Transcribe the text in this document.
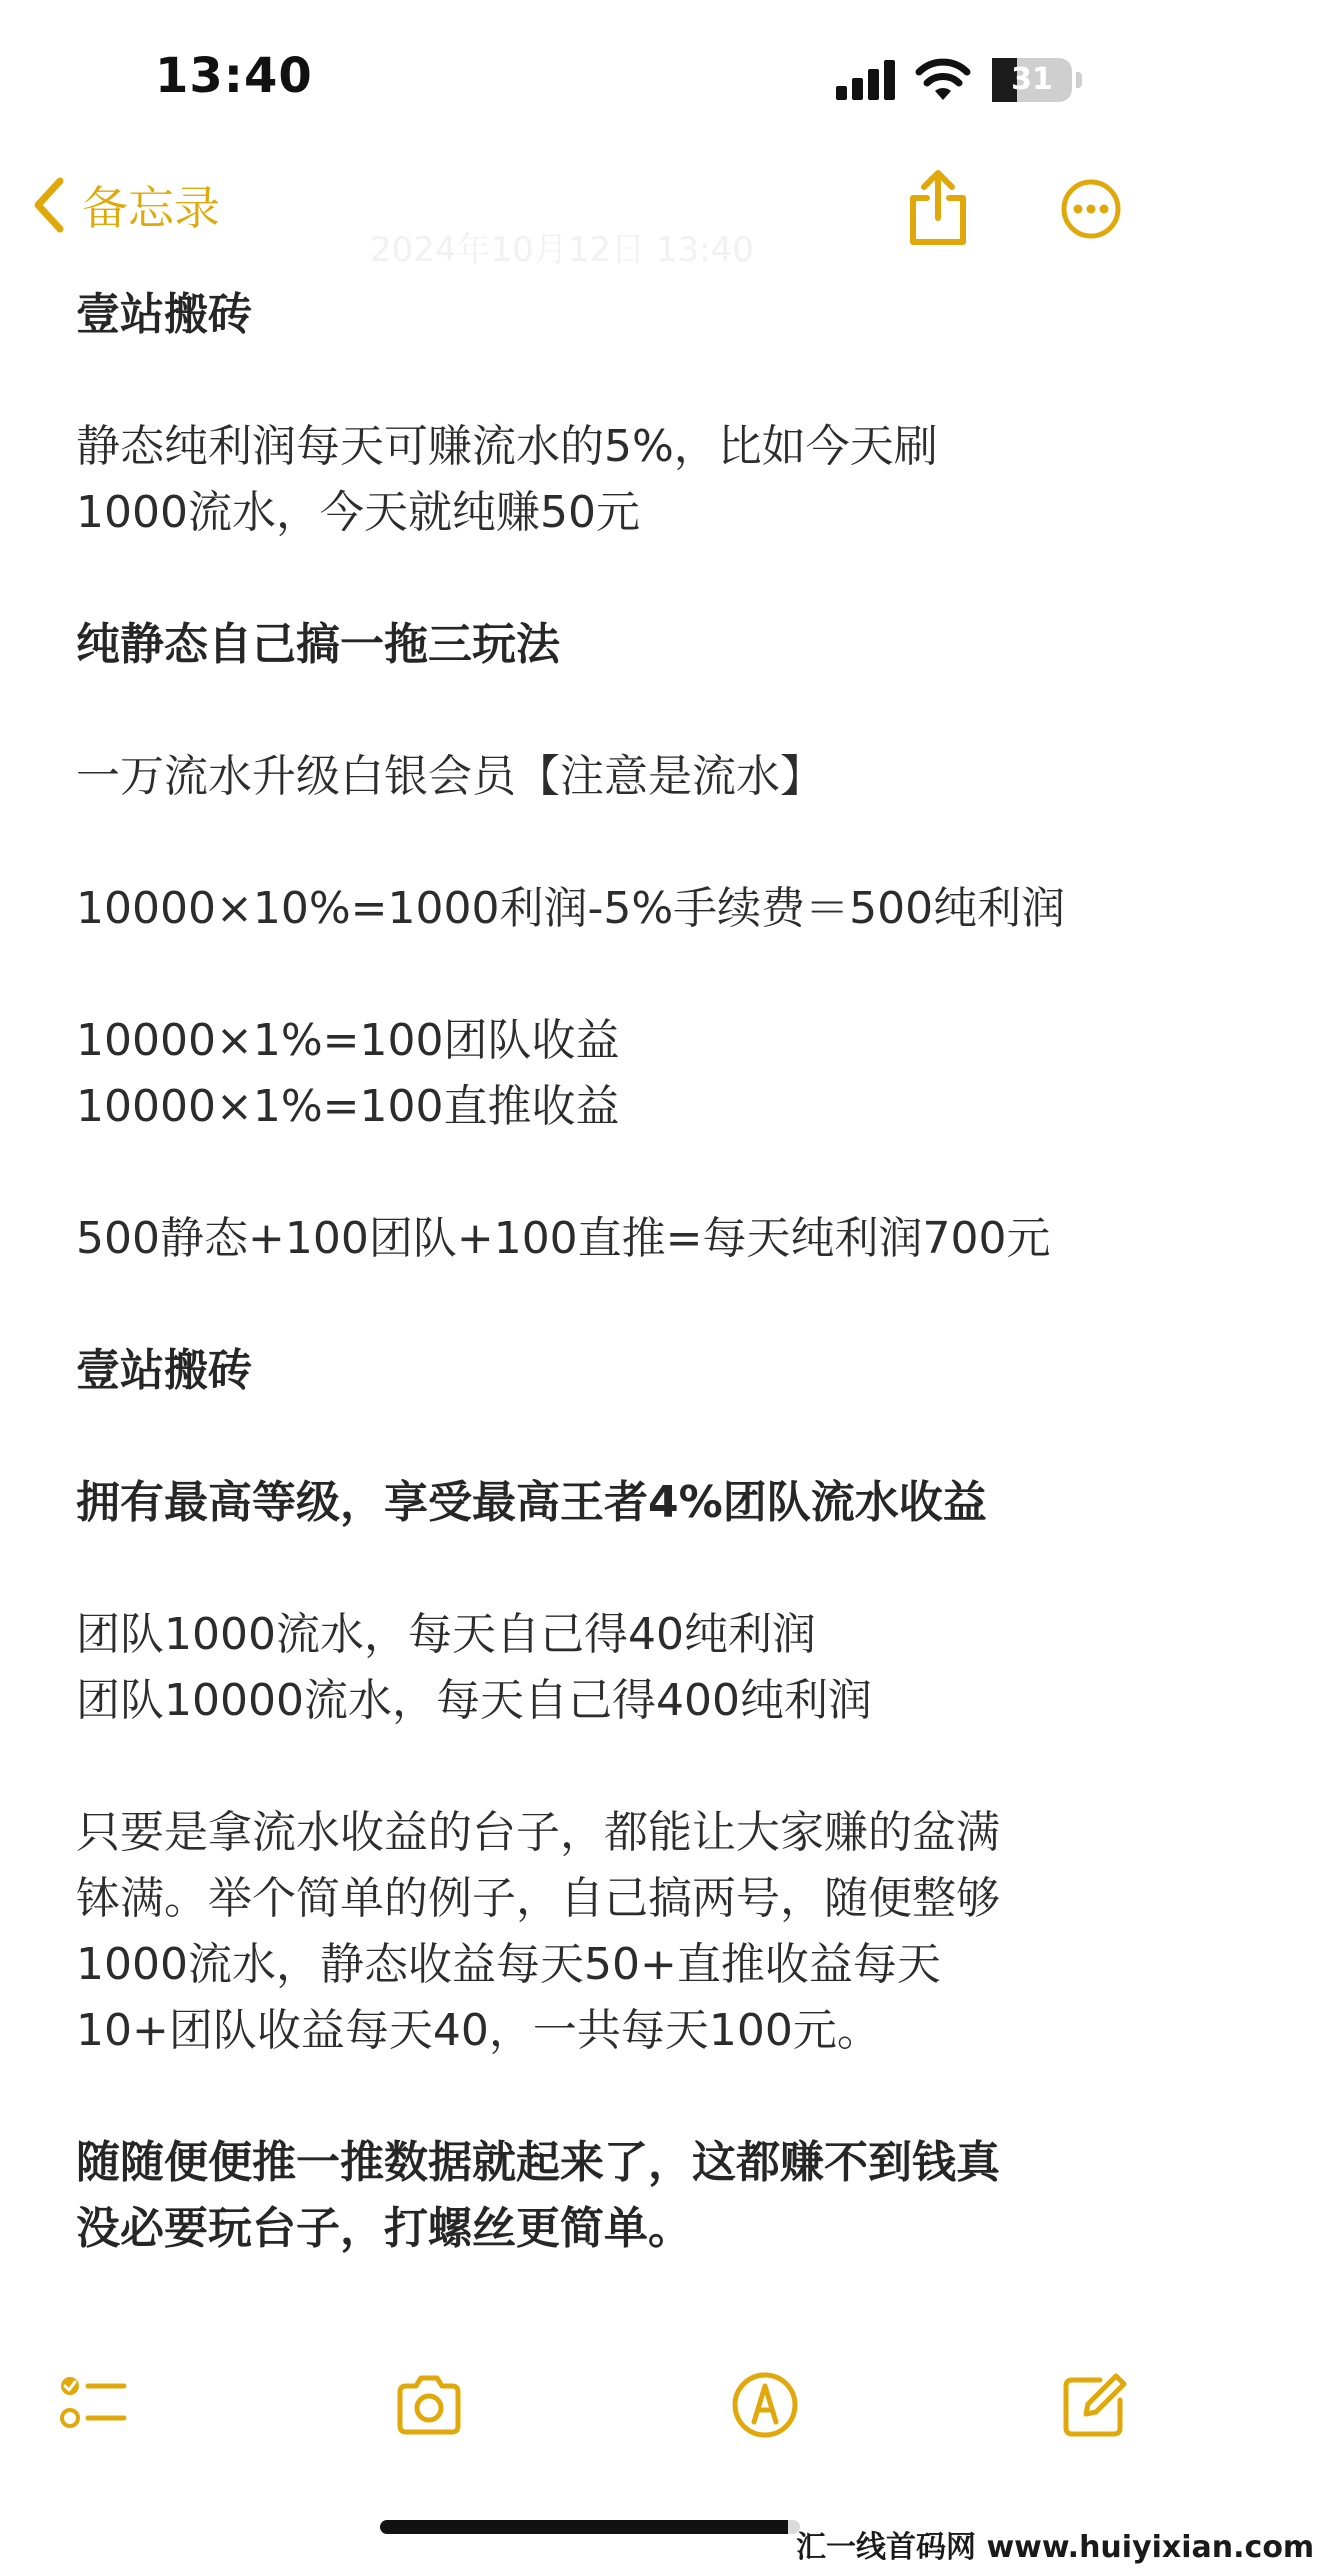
13:40	31
备忘录
2024年10月12日 13:40
壹站搬砖
静态纯利润每天可赚流水的5%，比如今天刷
1000流水，今天就纯赚50元
纯静态自己搞一拖三玩法
一万流水升级白银会员【注意是流水】
10000×10%=1000利润-5%手续费＝500纯利润
10000×1%=100团队收益
10000×1%=100直推收益
500静态+100团队+100直推=每天纯利润700元
壹站搬砖
拥有最高等级，享受最高王者4%团队流水收益
团队1000流水，每天自己得40纯利润
团队10000流水，每天自己得400纯利润
只要是拿流水收益的台子，都能让大家赚的盆满
钵满。举个简单的例子，自己搞两号，随便整够
1000流水，静态收益每天50+直推收益每天
10+团队收益每天40，一共每天100元。
随随便便推一推数据就起来了，这都赚不到钱真
没必要玩台子，打螺丝更简单。
汇一线首码网 www.huiyixian.com
